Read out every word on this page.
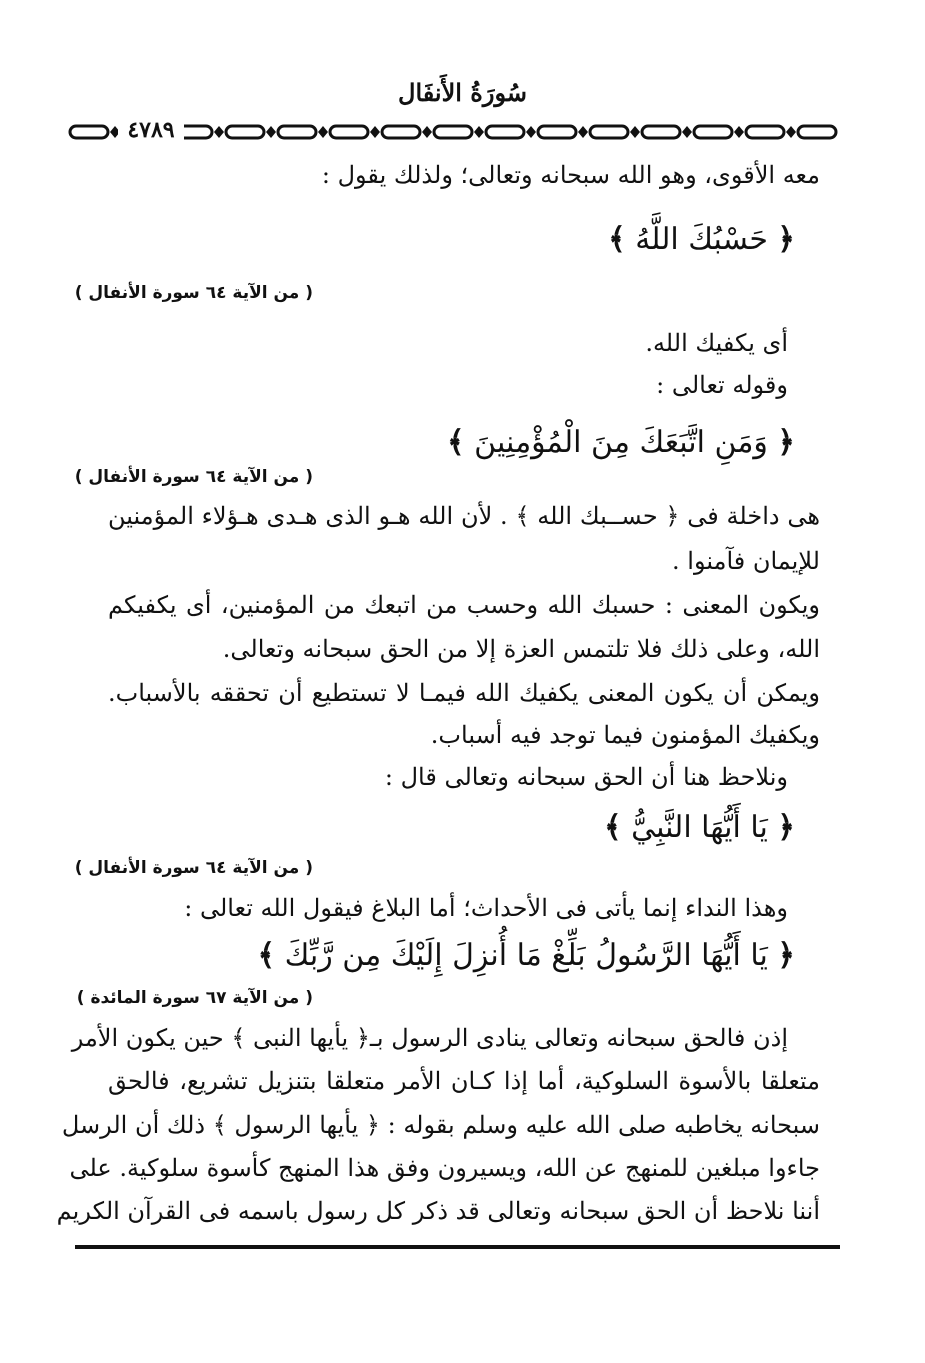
سُورَةُ الأَنفَال
٤٧٨٩
معه الأقوى، وهو الله سبحانه وتعالى؛ ولذلك يقول :
﴿ حَسْبُكَ اللَّهُ ﴾
( من الآية ٦٤ سورة الأنفال )
أى يكفيك الله.
وقوله تعالى :
﴿ وَمَنِ اتَّبَعَكَ مِنَ الْمُؤْمِنِينَ ﴾
( من الآية ٦٤ سورة الأنفال )
هى داخلة فى ﴿ حســبك الله ﴾ . لأن الله هـو الذى هـدى هـؤلاء المؤمنين
للإيمان فآمنوا .
ويكون المعنى : حسبك الله وحسب من اتبعك من المؤمنين، أى يكفيكم
الله، وعلى ذلك فلا تلتمس العزة إلا من الحق سبحانه وتعالى.
ويمكن أن يكون المعنى يكفيك الله فيمـا لا تستطيع أن تحققه بالأسباب.
ويكفيك المؤمنون فيما توجد فيه أسباب.
ونلاحظ هنا أن الحق سبحانه وتعالى قال :
﴿ يَا أَيُّهَا النَّبِيُّ ﴾
( من الآية ٦٤ سورة الأنفال )
وهذا النداء إنما يأتى فى الأحداث؛ أما البلاغ فيقول الله تعالى :
﴿ يَا أَيُّهَا الرَّسُولُ بَلِّغْ مَا أُنزِلَ إِلَيْكَ مِن رَّبِّكَ ﴾
( من الآية ٦٧ سورة المائدة )
إذن فالحق سبحانه وتعالى ينادى الرسول بـ﴿ يأيها النبى ﴾ حين يكون الأمر
متعلقا بالأسوة السلوكية، أما إذا كـان الأمر متعلقا بتنزيل تشريع، فالحق
سبحانه يخاطبه صلى الله عليه وسلم بقوله : ﴿ يأيها الرسول ﴾ ذلك أن الرسل
جاءوا مبلغين للمنهج عن الله، ويسيرون وفق هذا المنهج كأسوة سلوكية. على
أننا نلاحظ أن الحق سبحانه وتعالى قد ذكر كل رسول باسمه فى القرآن الكريم
